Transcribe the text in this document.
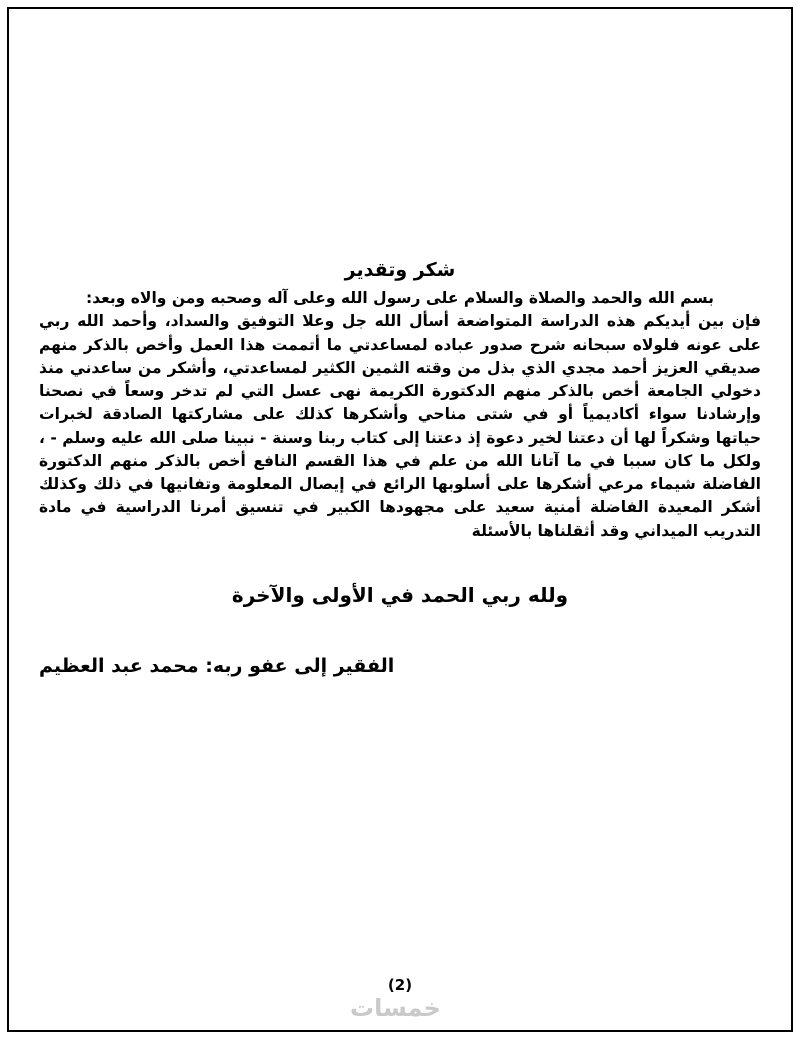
شكر وتقدير

بسم الله والحمد والصلاة والسلام على رسول الله وعلى آله وصحبه ومن والاه وبعد:

فإن بين أيديكم هذه الدراسة المتواضعة أسأل الله جل وعلا التوفيق والسداد، وأحمد الله ربي على عونه فلولاه سبحانه شرح صدور عباده لمساعدتي ما أتممت هذا العمل وأخص بالذكر منهم صديقي العزيز أحمد مجدي الذي بذل من وقته الثمين الكثير لمساعدتي، وأشكر من ساعدني منذ دخولي الجامعة أخص بالذكر منهم الدكتورة الكريمة نهى عسل التي لم تدخر وسعاً في نصحنا وإرشادنا سواء أكاديمياً أو في شتى مناحي وأشكرها كذلك على مشاركتها الصادقة لخبرات حياتها وشكراً لها أن دعتنا لخير دعوة إذ دعتنا إلى كتاب ربنا وسنة - نبينا صلى الله عليه وسلم - ، ولكل ما كان سببا في ما آتانا الله من علم في هذا القسم النافع أخص بالذكر منهم الدكتورة الفاضلة شيماء مرعي أشكرها على أسلوبها الرائع في إيصال المعلومة وتفانيها في ذلك وكذلك أشكر المعيدة الفاضلة أمنية سعيد على مجهودها الكبير في تنسيق أمرنا الدراسية في مادة التدريب الميداني وقد أثقلناها بالأسئلة

ولله ربي الحمد في الأولى والآخرة

الفقير إلى عفو ربه: محمد عبد العظيم

(2)
خمسات
